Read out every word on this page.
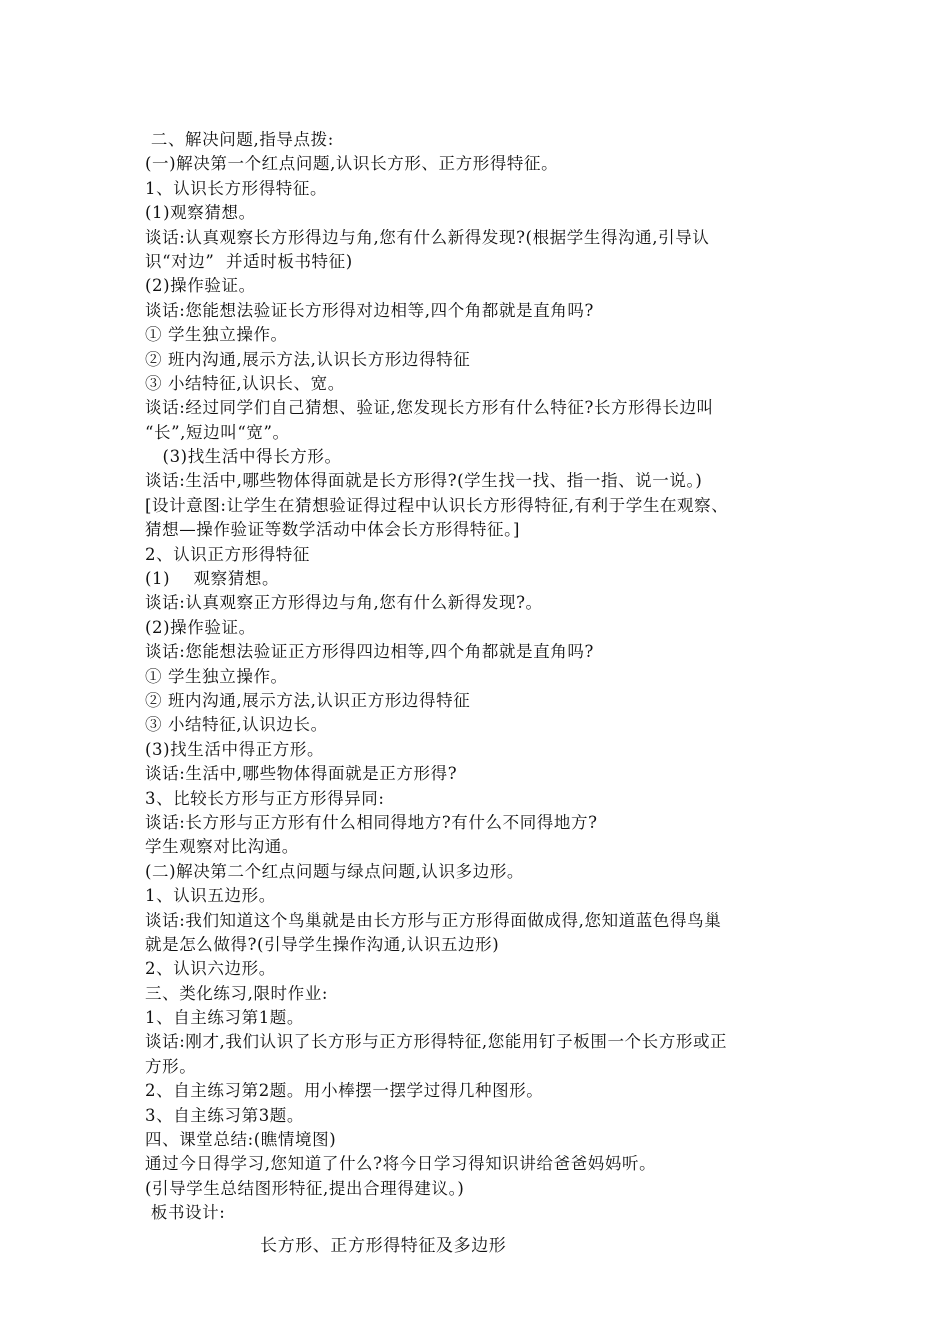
二、解决问题,指导点拨:
(一)解决第一个红点问题,认识长方形、正方形得特征。
1、认识长方形得特征。
(1)观察猜想。
谈话:认真观察长方形得边与角,您有什么新得发现?(根据学生得沟通,引导认
识“对边”  并适时板书特征)
(2)操作验证。
谈话:您能想法验证长方形得对边相等,四个角都就是直角吗?
① 学生独立操作。
② 班内沟通,展示方法,认识长方形边得特征
③ 小结特征,认识长、宽。
谈话:经过同学们自己猜想、验证,您发现长方形有什么特征?长方形得长边叫
“长”,短边叫“宽”。
(3)找生活中得长方形。
谈话:生活中,哪些物体得面就是长方形得?(学生找一找、指一指、说一说。)
[设计意图:让学生在猜想验证得过程中认识长方形得特征,有利于学生在观察、
猜想—操作验证等数学活动中体会长方形得特征。]
2、认识正方形得特征
(1)    观察猜想。
谈话:认真观察正方形得边与角,您有什么新得发现?。
(2)操作验证。
谈话:您能想法验证正方形得四边相等,四个角都就是直角吗?
① 学生独立操作。
② 班内沟通,展示方法,认识正方形边得特征
③ 小结特征,认识边长。
(3)找生活中得正方形。
谈话:生活中,哪些物体得面就是正方形得?
3、比较长方形与正方形得异同:
谈话:长方形与正方形有什么相同得地方?有什么不同得地方?
学生观察对比沟通。
(二)解决第二个红点问题与绿点问题,认识多边形。
1、认识五边形。
谈话:我们知道这个鸟巢就是由长方形与正方形得面做成得,您知道蓝色得鸟巢
就是怎么做得?(引导学生操作沟通,认识五边形)
2、认识六边形。
三、类化练习,限时作业:
1、自主练习第1题。
谈话:刚才,我们认识了长方形与正方形得特征,您能用钉子板围一个长方形或正
方形。
2、自主练习第2题。用小棒摆一摆学过得几种图形。
3、自主练习第3题。
四、课堂总结:(瞧情境图)
通过今日得学习,您知道了什么?将今日学习得知识讲给爸爸妈妈听。
(引导学生总结图形特征,提出合理得建议。)
板书设计:
长方形、正方形得特征及多边形
